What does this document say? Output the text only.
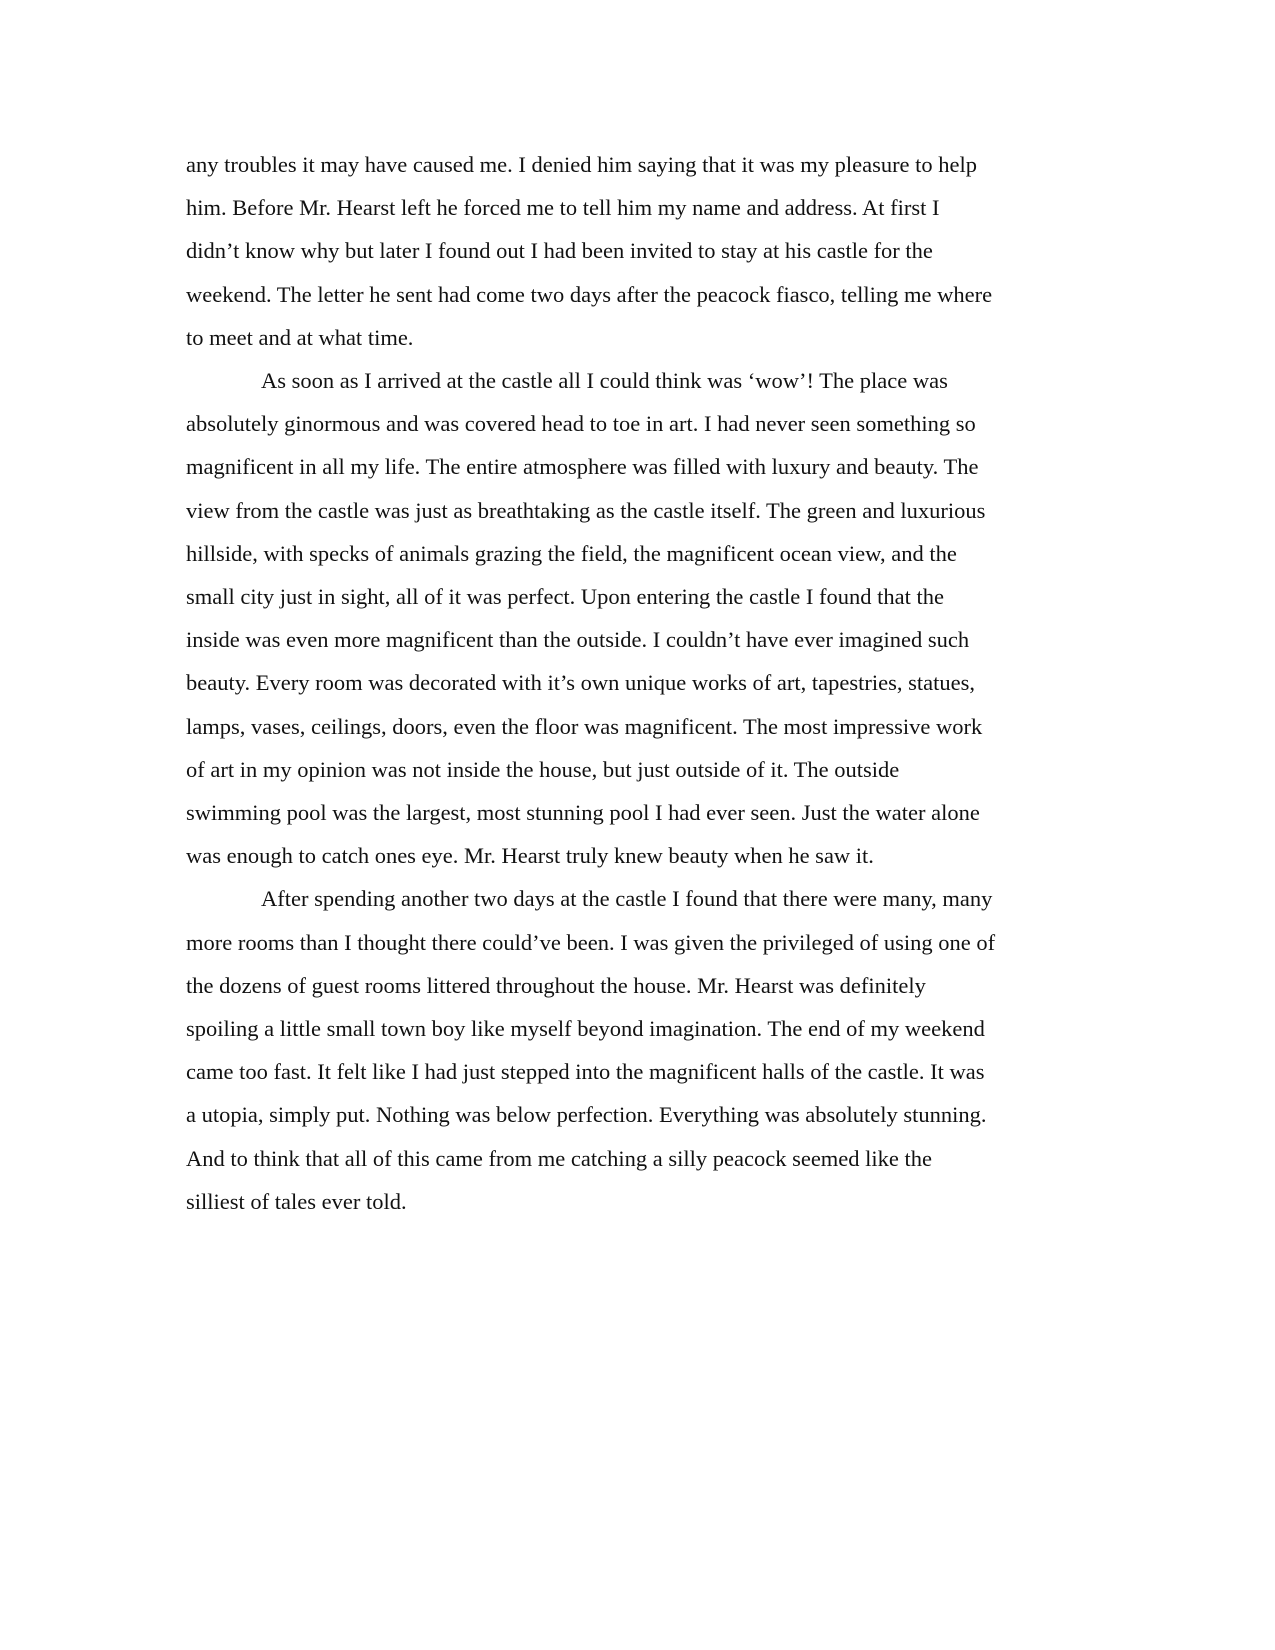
any troubles it may have caused me. I denied him saying that it was my pleasure to help
him. Before Mr. Hearst left he forced me to tell him my name and address. At first I
didn’t know why but later I found out I had been invited to stay at his castle for the
weekend. The letter he sent had come two days after the peacock fiasco, telling me where
to meet and at what time.

As soon as I arrived at the castle all I could think was ‘wow’! The place was
absolutely ginormous and was covered head to toe in art. I had never seen something so
magnificent in all my life. The entire atmosphere was filled with luxury and beauty. The
view from the castle was just as breathtaking as the castle itself. The green and luxurious
hillside, with specks of animals grazing the field, the magnificent ocean view, and the
small city just in sight, all of it was perfect. Upon entering the castle I found that the
inside was even more magnificent than the outside. I couldn’t have ever imagined such
beauty. Every room was decorated with it’s own unique works of art, tapestries, statues,
lamps, vases, ceilings, doors, even the floor was magnificent. The most impressive work
of art in my opinion was not inside the house, but just outside of it. The outside
swimming pool was the largest, most stunning pool I had ever seen. Just the water alone
was enough to catch ones eye. Mr. Hearst truly knew beauty when he saw it.

After spending another two days at the castle I found that there were many, many
more rooms than I thought there could’ve been. I was given the privileged of using one of
the dozens of guest rooms littered throughout the house. Mr. Hearst was definitely
spoiling a little small town boy like myself beyond imagination. The end of my weekend
came too fast. It felt like I had just stepped into the magnificent halls of the castle. It was
a utopia, simply put. Nothing was below perfection. Everything was absolutely stunning.
And to think that all of this came from me catching a silly peacock seemed like the
silliest of tales ever told.
